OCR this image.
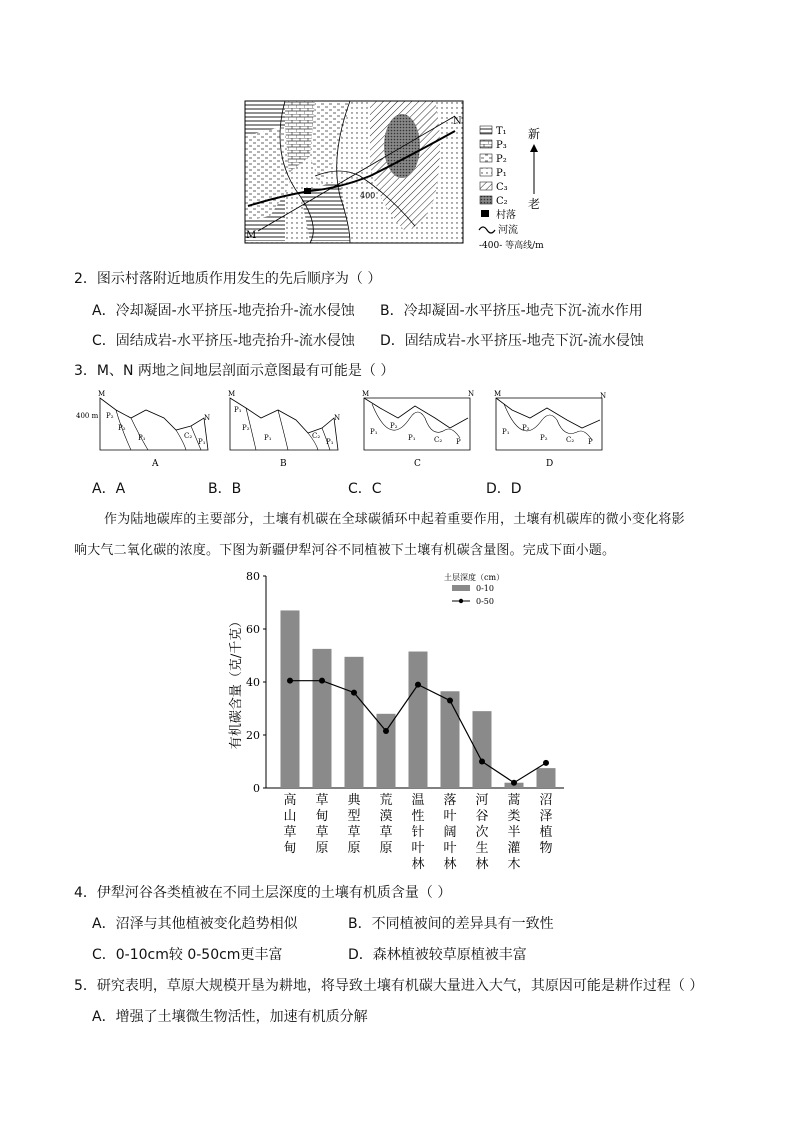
400
M
N
T₁
P₃
P₂
P₁
C₃
C₂
村落
河流
-400- 等高线/m
新
老
2．图示村落附近地质作用发生的先后顺序为（ ）
A．冷却凝固-水平挤压-地壳抬升-流水侵蚀 B．冷却凝固-水平挤压-地壳下沉-流水作用
C．固结成岩-水平挤压-地壳抬升-流水侵蚀 D．固结成岩-水平挤压-地壳下沉-流水侵蚀
3．M、N 两地之间地层剖面示意图最有可能是（ ）
M
400 m P₂
P₂
P₁	C₂
P₁
N
A
M
P₁
P₂
P₁	C₂
P₁
N
B
M
P₁
P₂
P₁	C₂ P
N
C
M
P₁ P₂
P₂	C₂ P
N
D
A．A	B．B	C．C	D．D
作为陆地碳库的主要部分，土壤有机碳在全球碳循环中起着重要作用，土壤有机碳库的微小变化将影
响大气二氧化碳的浓度。下图为新疆伊犁河谷不同植被下土壤有机碳含量图。完成下面小题。
0
20
40
60
80
有机碳含量（克/千克）
高山草甸
草甸草原
典型草原
荒漠草原
温性针叶林
落叶阔叶林
河谷次生林
蒿类半灌木
沼泽植物
土层深度（cm）
0-10
0-50
4．伊犁河谷各类植被在不同土层深度的土壤有机质含量（ ）
A．沼泽与其他植被变化趋势相似	B．不同植被间的差异具有一致性
C．0-10cm较 0-50cm更丰富	D．森林植被较草原植被丰富
5．研究表明，草原大规模开垦为耕地，将导致土壤有机碳大量进入大气，其原因可能是耕作过程（ ）
A．增强了土壤微生物活性，加速有机质分解
